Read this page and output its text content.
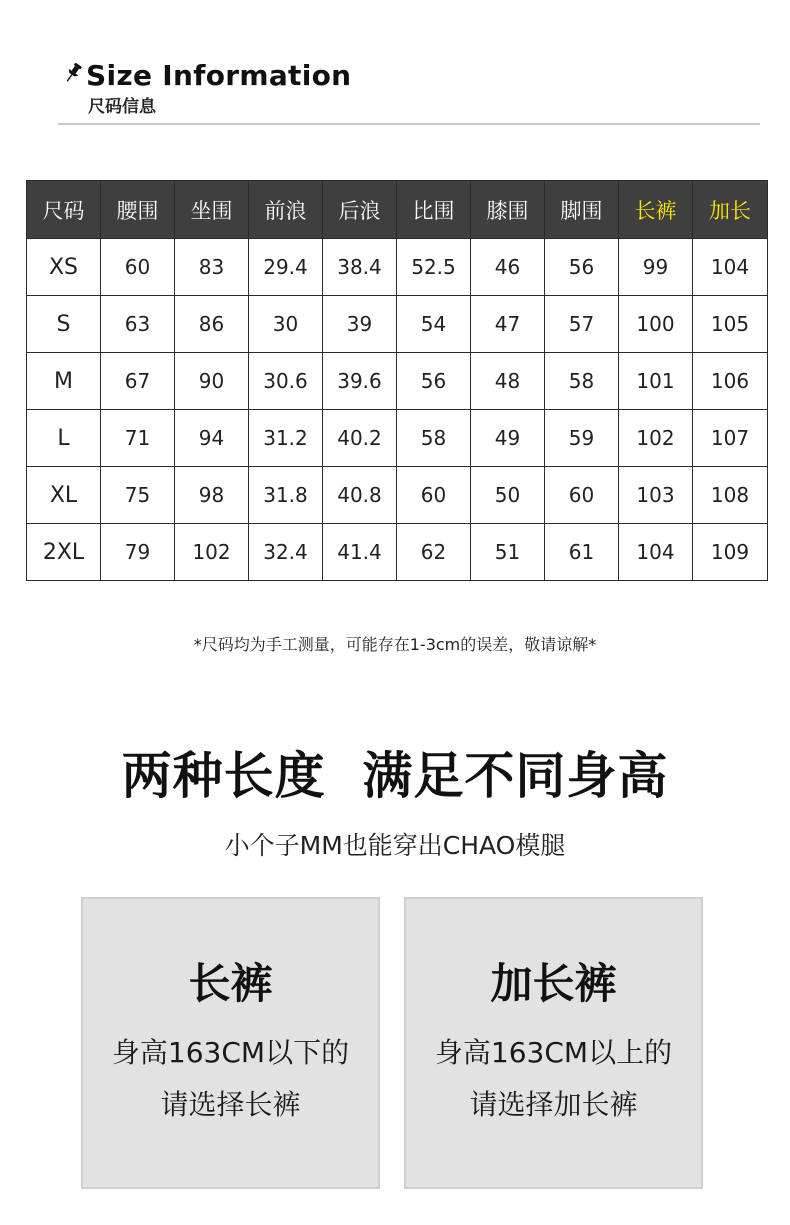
Size Information
尺码信息
尺码	腰围	坐围	前浪	后浪	比围	膝围	脚围	长裤	加长
XS	60	83	29.4	38.4	52.5	46	56	99	104
S	63	86	30	39	54	47	57	100	105
M	67	90	30.6	39.6	56	48	58	101	106
L	71	94	31.2	40.2	58	49	59	102	107
XL	75	98	31.8	40.8	60	50	60	103	108
2XL	79	102	32.4	41.4	62	51	61	104	109
*尺码均为手工测量，可能存在1-3cm的误差，敬请谅解*
两种长度  满足不同身高
小个子MM也能穿出CHAO模腿
长裤
身高163CM以下的
请选择长裤
加长裤
身高163CM以上的
请选择加长裤
